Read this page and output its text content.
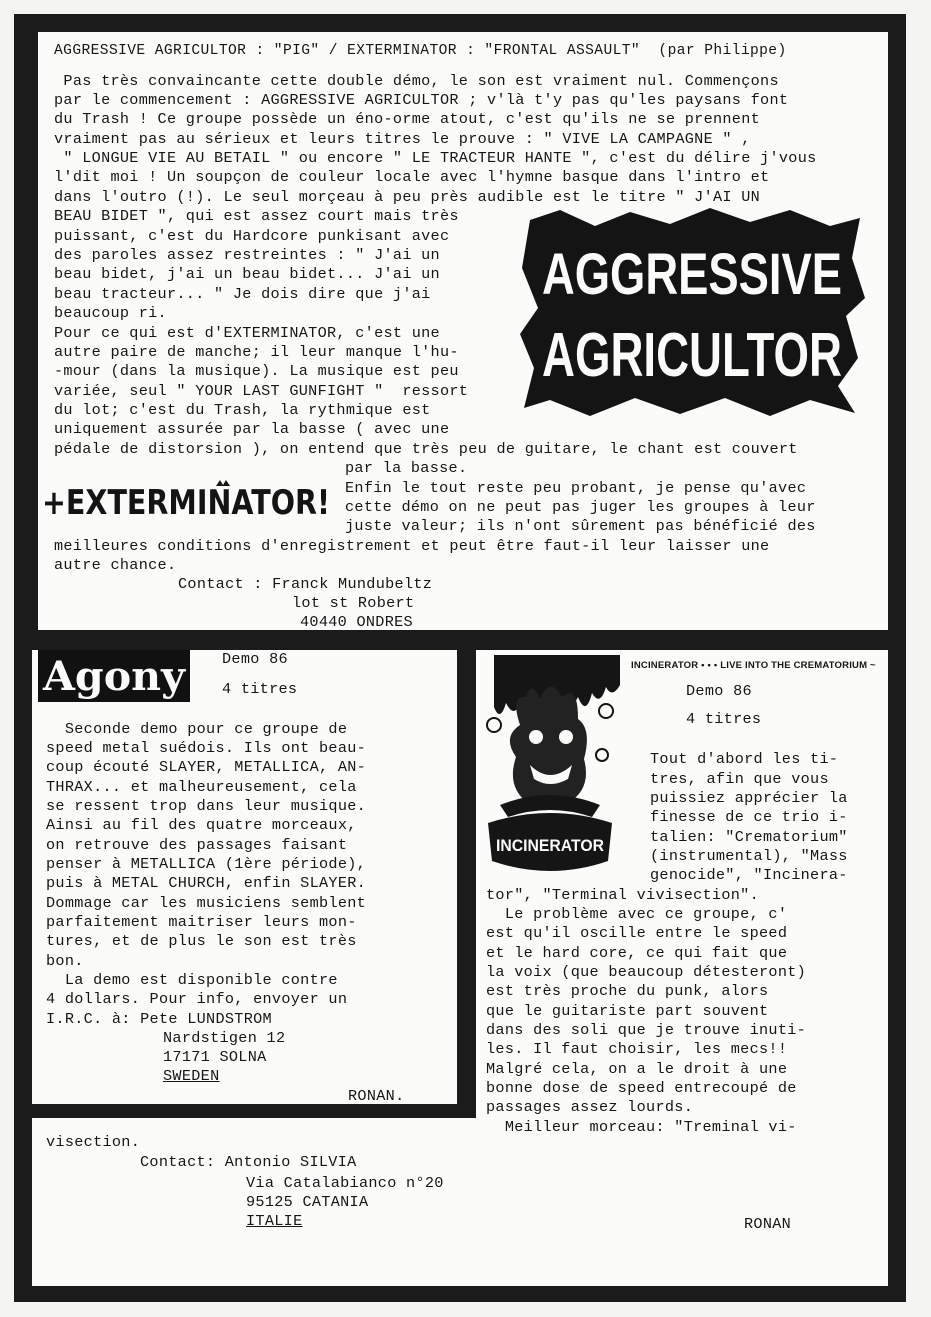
AGGRESSIVE AGRICULTOR : "PIG" / EXTERMINATOR : "FRONTAL ASSAULT"  (par Philippe)

Pas très convaincante cette double démo, le son est vraiment nul. Commençons

par le commencement : AGGRESSIVE AGRICULTOR ; v'là t'y pas qu'les paysans font

du Trash ! Ce groupe possède un éno-orme atout, c'est qu'ils ne se prennent

vraiment pas au sérieux et leurs titres le prouve : " VIVE LA CAMPAGNE " ,

" LONGUE VIE AU BETAIL " ou encore " LE TRACTEUR HANTE ", c'est du délire j'vous

l'dit moi ! Un soupçon de couleur locale avec l'hymne basque dans l'intro et

dans l'outro (!). Le seul morçeau à peu près audible est le titre " J'AI UN

BEAU BIDET ", qui est assez court mais très

puissant, c'est du Hardcore punkisant avec

des paroles assez restreintes : " J'ai un

beau bidet, j'ai un beau bidet... J'ai un

beau tracteur... " Je dois dire que j'ai

beaucoup ri.

Pour ce qui est d'EXTERMINATOR, c'est une

autre paire de manche; il leur manque l'hu-

-mour (dans la musique). La musique est peu

variée, seul " YOUR LAST GUNFIGHT "  ressort

du lot; c'est du Trash, la rythmique est

uniquement assurée par la basse ( avec une

pédale de distorsion ), on entend que très peu de guitare, le chant est couvert

par la basse.

Enfin le tout reste peu probant, je pense qu'avec

cette démo on ne peut pas juger les groupes à leur

juste valeur; ils n'ont sûrement pas bénéficié des

meilleures conditions d'enregistrement et peut être faut-il leur laisser une

autre chance.

Contact : Franck Mundubeltz

lot st Robert

40440 ONDRES

AGGRESSIVE
AGRICULTOR
+EXTERMINATOR!
Agony Demo 86

4 titres

Seconde demo pour ce groupe de

speed metal suédois. Ils ont beau-

coup écouté SLAYER, METALLICA, AN-

THRAX... et malheureusement, cela

se ressent trop dans leur musique.

Ainsi au fil des quatre morceaux,

on retrouve des passages faisant

penser à METALLICA (1ère période),

puis à METAL CHURCH, enfin SLAYER.

Dommage car les musiciens semblent

parfaitement maitriser leurs mon-

tures, et de plus le son est très

bon.

La demo est disponible contre

4 dollars. Pour info, envoyer un

I.R.C. à: Pete LUNDSTROM

Nardstigen 12

17171 SOLNA

SWEDEN

RONAN.

INCINERATOR

INCINERATOR • • • LIVE INTO THE CREMATORIUM ~

Demo 86

4 titres

Tout d'abord les ti-

tres, afin que vous

puissiez apprécier la

finesse de ce trio i-

talien: "Crematorium"

(instrumental), "Mass

genocide", "Incinera-

tor", "Terminal vivisection".

Le problème avec ce groupe, c'

est qu'il oscille entre le speed

et le hard core, ce qui fait que

la voix (que beaucoup détesteront)

est très proche du punk, alors

que le guitariste part souvent

dans des soli que je trouve inuti-

les. Il faut choisir, les mecs!!

Malgré cela, on a le droit à une

bonne dose de speed entrecoupé de

passages assez lourds.

Meilleur morceau: "Treminal vi-

visection.

Contact: Antonio SILVIA

Via Catalabianco n°20

95125 CATANIA

ITALIE	RONAN
